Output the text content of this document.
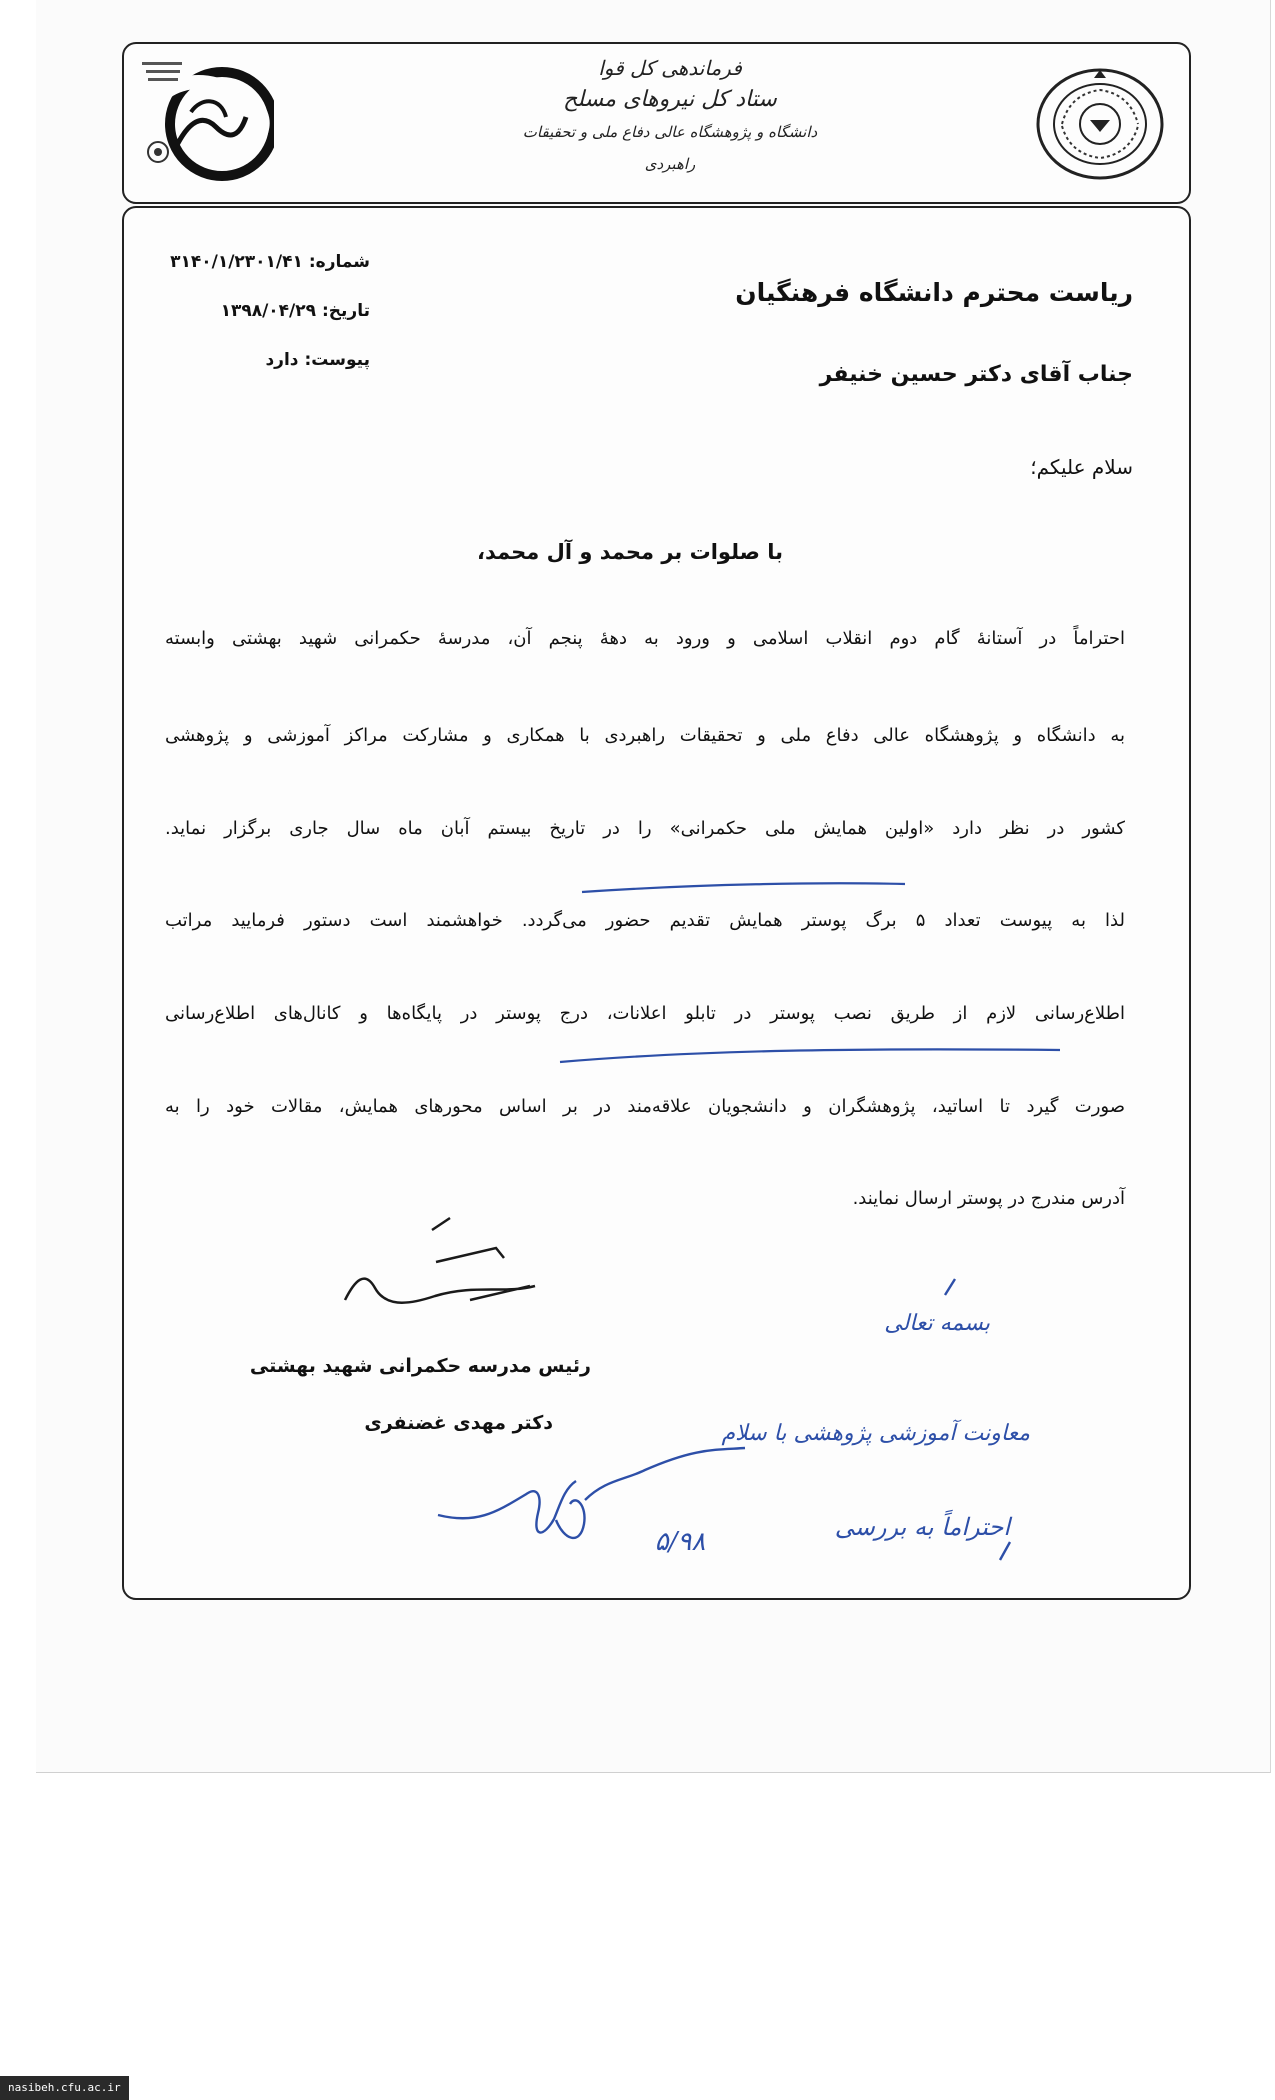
فرماندهی کل قوا
ستاد کل نیروهای مسلح
دانشگاه و پژوهشگاه عالی دفاع ملی و تحقیقات راهبردی
شماره:۳۱۴۰/۱/۲۳۰۱/۴۱
تاریخ:۱۳۹۸/۰۴/۲۹
پیوست:دارد
ریاست محترم دانشگاه فرهنگیان
جناب آقای دکتر حسین خنیفر
سلام علیکم؛
با صلوات بر محمد و آل محمد،
احتراماً در آستانهٔ گام دوم انقلاب اسلامی و ورود به دههٔ پنجم آن، مدرسهٔ حکمرانی شهید بهشتی وابسته
به دانشگاه و پژوهشگاه عالی دفاع ملی و تحقیقات راهبردی با همکاری و مشارکت مراکز آموزشی و پژوهشی
کشور در نظر دارد «اولین همایش ملی حکمرانی» را در تاریخ بیستم آبان ماه سال جاری برگزار نماید.
لذا به پیوست تعداد ۵ برگ پوستر همایش تقدیم حضور می‌گردد. خواهشمند است دستور فرمایید مراتب
اطلاع‌رسانی لازم از طریق نصب پوستر در تابلو اعلانات، درج پوستر در پایگاه‌ها و کانال‌های اطلاع‌رسانی
صورت گیرد تا اساتید، پژوهشگران و دانشجویان علاقه‌مند در بر اساس محورهای همایش، مقالات خود را به
آدرس مندرج در پوستر ارسال نمایند.
رئیس مدرسه حکمرانی شهید بهشتی
دکتر مهدی غضنفری
بسمه تعالی
معاونت آموزشی پژوهشی با سلام
احتراماً به بررسی
۵/۹۸
nasibeh.cfu.ac.ir
